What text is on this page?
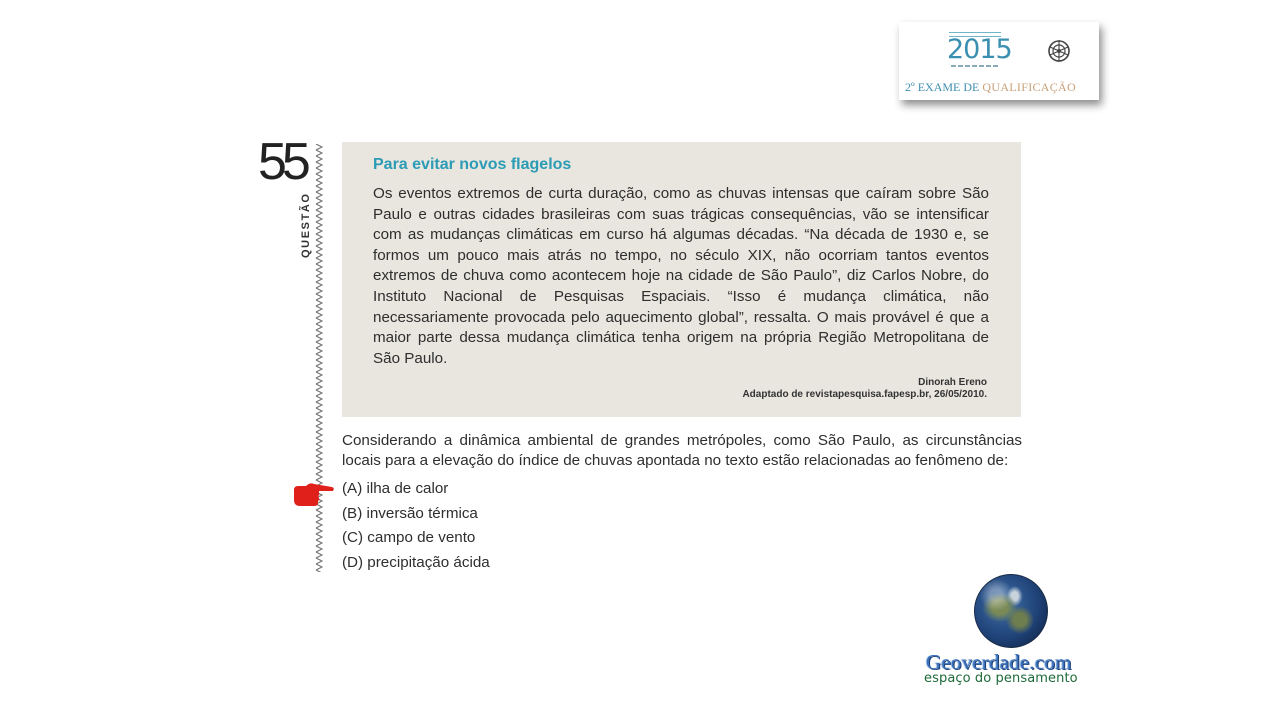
2015
2º EXAME DE QUALIFICAÇÃO
55
QUESTÃO
Para evitar novos flagelos
Os eventos extremos de curta duração, como as chuvas intensas que caíram sobre São Paulo e outras cidades brasileiras com suas trágicas consequências, vão se intensificar com as mudanças climáticas em curso há algumas décadas. “Na década de 1930 e, se formos um pouco mais atrás no tempo, no século XIX, não ocorriam tantos eventos extremos de chuva como acontecem hoje na cidade de São Paulo”, diz Carlos Nobre, do Instituto Nacional de Pesquisas Espaciais. “Isso é mudança climática, não necessariamente provocada pelo aquecimento global”, ressalta. O mais provável é que a maior parte dessa mudança climática tenha origem na própria Região Metropolitana de São Paulo.
Dinorah Ereno
Adaptado de revistapesquisa.fapesp.br, 26/05/2010.
Considerando a dinâmica ambiental de grandes metrópoles, como São Paulo, as circunstâncias locais para a elevação do índice de chuvas apontada no texto estão relacionadas ao fenômeno de:
(A) ilha de calor
(B) inversão térmica
(C) campo de vento
(D) precipitação ácida
Geoverdade.com
espaço do pensamento
